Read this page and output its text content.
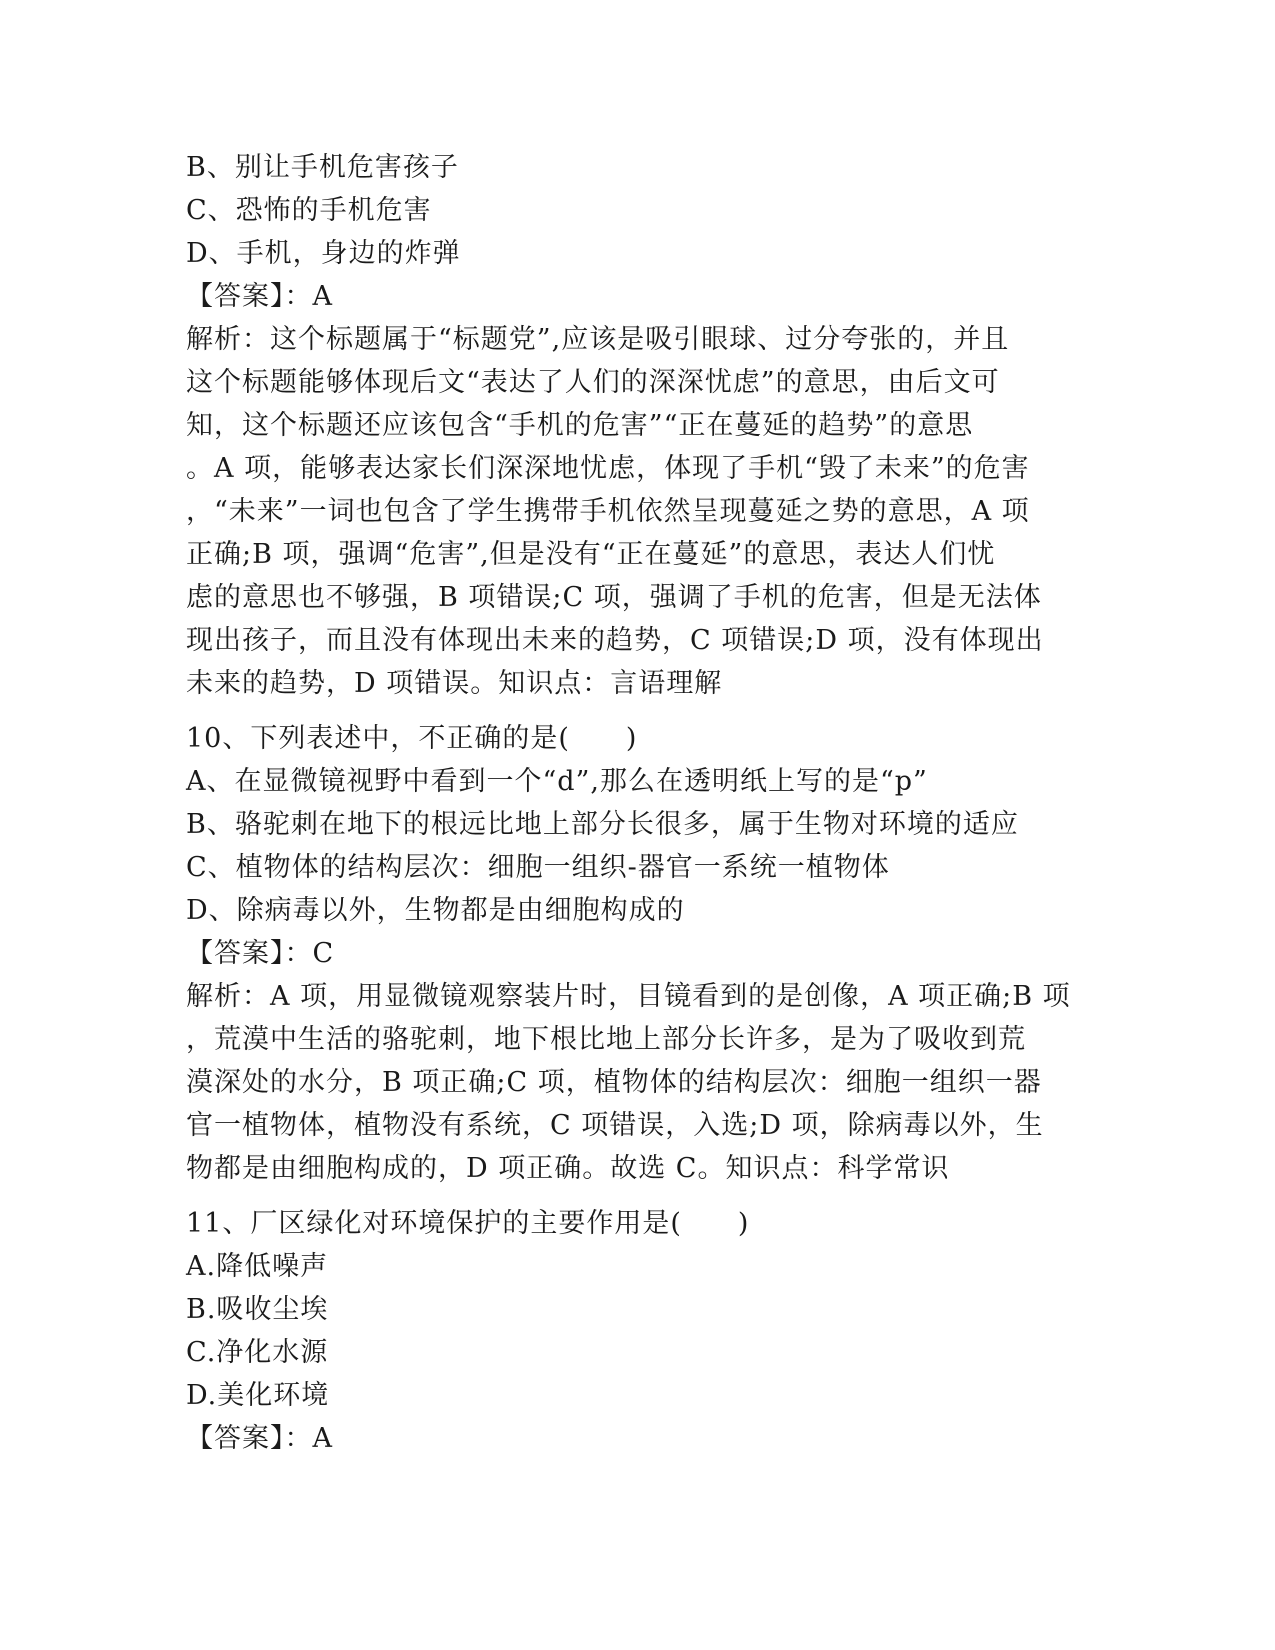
B、别让手机危害孩子
C、恐怖的手机危害
D、手机，身边的炸弹
【答案】：A
解析：这个标题属于“标题党”,应该是吸引眼球、过分夸张的，并且
这个标题能够体现后文“表达了人们的深深忧虑”的意思，由后文可
知，这个标题还应该包含“手机的危害”“正在蔓延的趋势”的意思
。A 项，能够表达家长们深深地忧虑，体现了手机“毁了未来”的危害
，“未来”一词也包含了学生携带手机依然呈现蔓延之势的意思，A 项
正确;B 项，强调“危害”,但是没有“正在蔓延”的意思，表达人们忧
虑的意思也不够强，B 项错误;C 项，强调了手机的危害，但是无法体
现出孩子，而且没有体现出未来的趋势，C 项错误;D 项，没有体现出
未来的趋势，D 项错误。知识点：言语理解
10、下列表述中，不正确的是(　　)
A、在显微镜视野中看到一个“d”,那么在透明纸上写的是“p”
B、骆驼刺在地下的根远比地上部分长很多，属于生物对环境的适应
C、植物体的结构层次：细胞一组织-器官一系统一植物体
D、除病毒以外，生物都是由细胞构成的
【答案】：C
解析：A 项，用显微镜观察装片时，目镜看到的是创像，A 项正确;B 项
，荒漠中生活的骆驼刺，地下根比地上部分长许多，是为了吸收到荒
漠深处的水分，B 项正确;C 项，植物体的结构层次：细胞一组织一器
官一植物体，植物没有系统，C 项错误，入选;D 项，除病毒以外，生
物都是由细胞构成的，D 项正确。故选 C。知识点：科学常识
11、厂区绿化对环境保护的主要作用是(　　)
A.降低噪声
B.吸收尘埃
C.净化水源
D.美化环境
【答案】：A
